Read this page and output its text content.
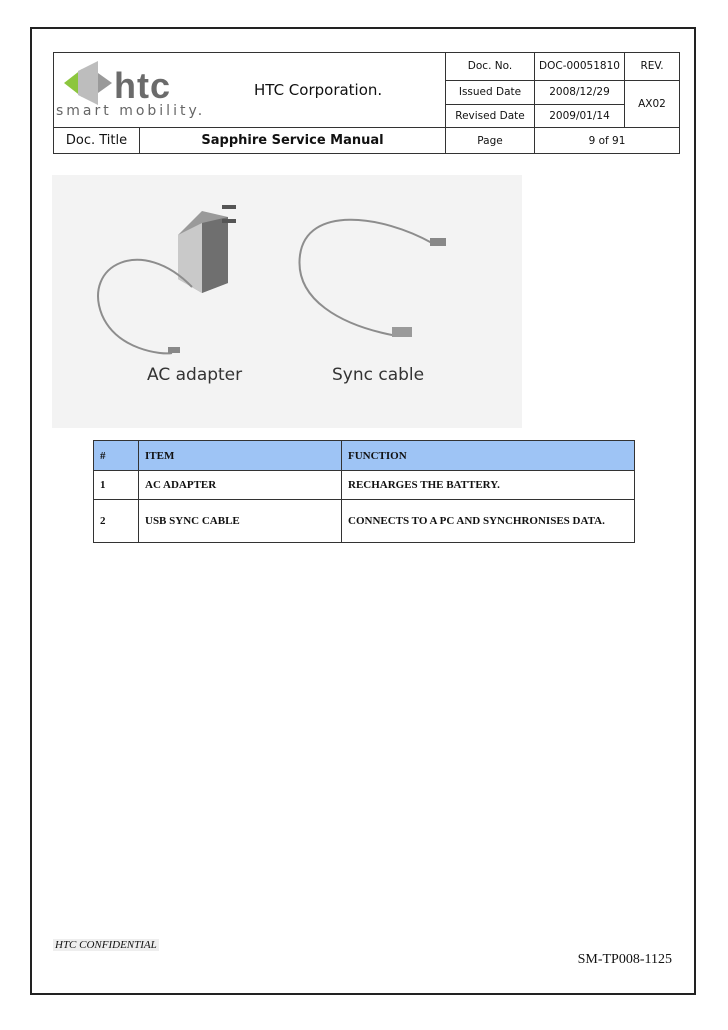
htc
smart mobility.
HTC Corporation.		Doc. No.	DOC-00051810	REV.
		Issued Date	2008/12/29	AX02
		Revised Date	2009/01/14	
Doc. Title	Sapphire Service Manual	Page	9 of 91	
AC adapter	Sync cable
#	ITEM	FUNCTION
1	AC ADAPTER	RECHARGES THE BATTERY.
2	USB SYNC CABLE	CONNECTS TO A PC AND SYNCHRONISES DATA.
HTC CONFIDENTIAL
SM-TP008-1125
